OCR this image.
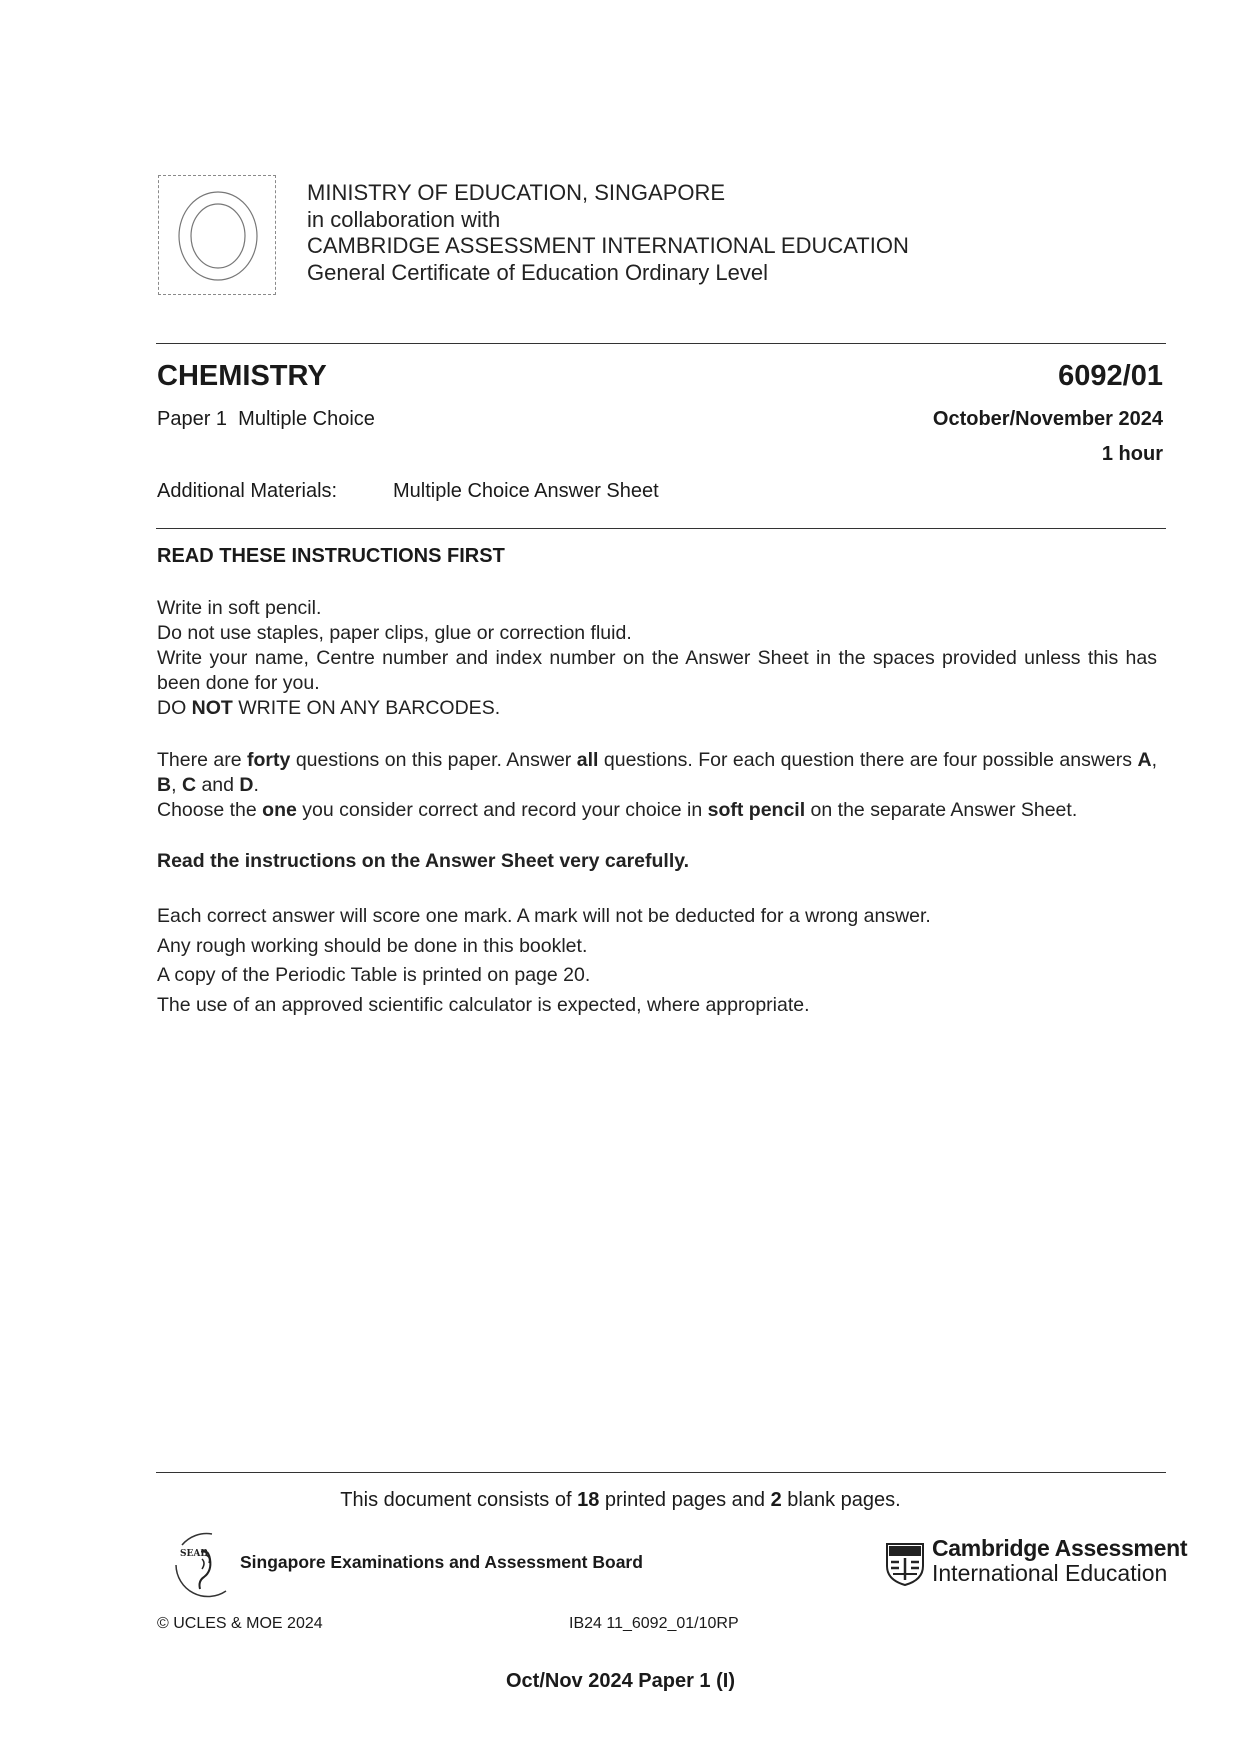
MINISTRY OF EDUCATION, SINGAPORE
in collaboration with
CAMBRIDGE ASSESSMENT INTERNATIONAL EDUCATION
General Certificate of Education Ordinary Level
CHEMISTRY	6092/01
Paper 1  Multiple Choice	October/November 2024
1 hour
Additional Materials:	Multiple Choice Answer Sheet
READ THESE INSTRUCTIONS FIRST

Write in soft pencil.

Do not use staples, paper clips, glue or correction fluid.

Write your name, Centre number and index number on the Answer Sheet in the spaces provided unless this has been done for you.

DO NOT WRITE ON ANY BARCODES.

There are forty questions on this paper. Answer all questions. For each question there are four possible answers A, B, C and D.

Choose the one you consider correct and record your choice in soft pencil on the separate Answer Sheet.

Read the instructions on the Answer Sheet very carefully.

Each correct answer will score one mark. A mark will not be deducted for a wrong answer.

Any rough working should be done in this booklet.

A copy of the Periodic Table is printed on page 20.

The use of an approved scientific calculator is expected, where appropriate.

This document consists of 18 printed pages and 2 blank pages.
SEAB Singapore Examinations and Assessment Board
Cambridge Assessment
International Education
© UCLES & MOE 2024	IB24 11_6092_01/10RP
Oct/Nov 2024 Paper 1 (I)
